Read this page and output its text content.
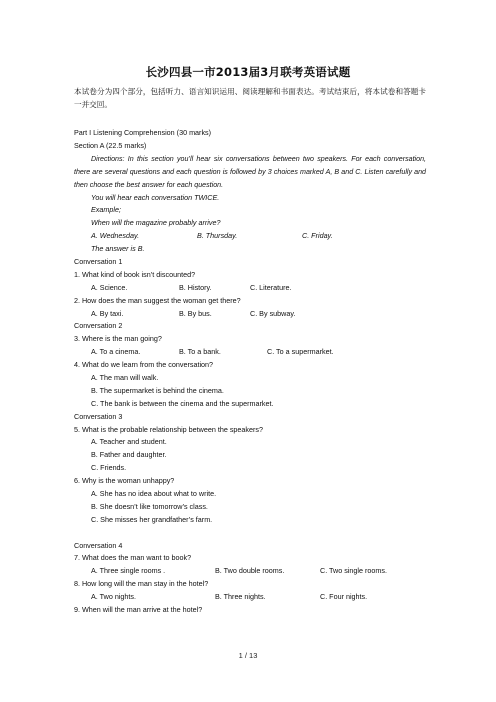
长沙四县一市2013届3月联考英语试题
本试卷分为四个部分，包括听力、语言知识运用、阅读理解和书面表达。考试结束后，将本试卷和答题卡一并交回。
Part I Listening Comprehension (30 marks)
Section A (22.5 marks)
Directions: In this section you’ll hear six conversations between two speakers. For each conversation, there are several questions and each question is followed by 3 choices marked A, B and C. Listen carefully and then choose the best answer for each question.
You will hear each conversation TWICE.
Example;
When will the magazine probably arrive?
A. Wednesday.	B. Thursday.	C. Friday.
The answer is B.
Conversation 1
1. What kind of book isn’t discounted?
A. Science.	B. History.	C. Literature.
2. How does the man suggest the woman get there?
A. By taxi.	B. By bus.	C. By subway.
Conversation 2
3. Where is the man going?
A. To a cinema.	B. To a bank.	C. To a supermarket.
4. What do we learn from the conversation?
A. The man will walk.
B. The supermarket is behind the cinema.
C. The bank is between the cinema and the supermarket.
Conversation 3
5. What is the probable relationship between the speakers?
A. Teacher and student.
B. Father and daughter.
C. Friends.
6. Why is the woman unhappy?
A. She has no idea about what to write.
B. She doesn’t like tomorrow’s class.
C. She misses her grandfather’s farm.
Conversation 4
7. What does the man want to book?
A. Three single rooms .	B. Two double rooms.	C. Two single rooms.
8. How long will the man stay in the hotel?
A. Two nights.	B. Three nights.	C. Four nights.
9. When will the man arrive at the hotel?
1 / 13
